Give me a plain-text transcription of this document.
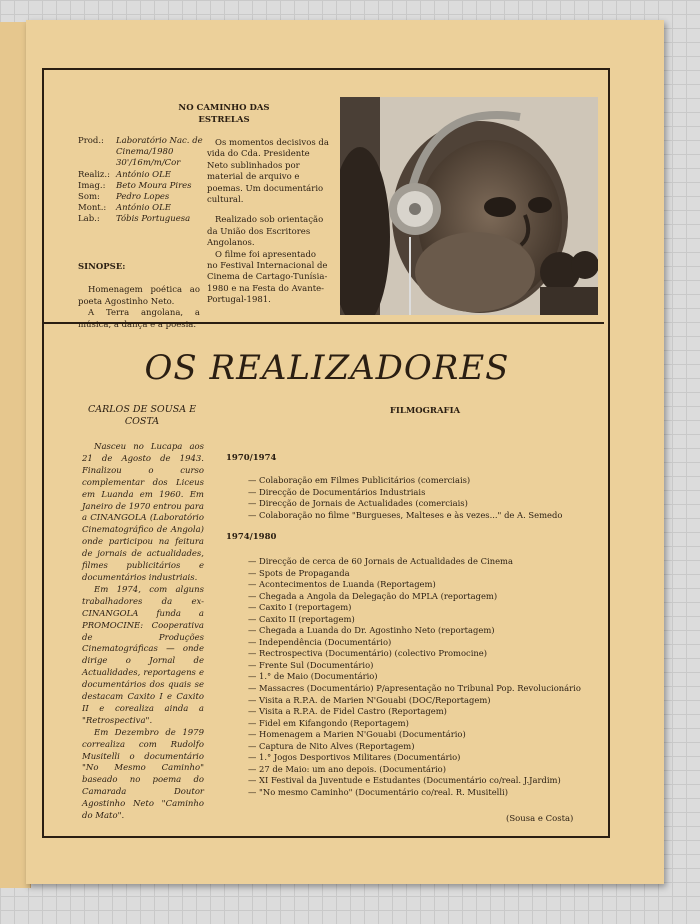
NO CAMINHO DAS ESTRELAS
Prod.:	Laboratório Nac. de Cinema/1980 30'/16m/m/Cor
Realiz.: António OLE
Imag.:	Beto Moura Pires
Som:	Pedro Lopes
Mont.:	António OLE
Lab.:	Tóbis Portuguesa
SINOPSE:
Homenagem poética ao poeta Agostinho Neto.
A Terra angolana, a música, a dança e a poesia.

Os momentos decisivos da vida do Cda. Presidente Neto sublinhados por material de arquivo e poemas. Um documentário cultural.

Realizado sob orientação da União dos Escritores Angolanos.

O filme foi apresentado no Festival Internacional de Cinema de Cartago-Tunísia-1980 e na Festa do Avante-Portugal-1981.

OS REALIZADORES
CARLOS DE SOUSA E COSTA

Nasceu no Lucapa aos 21 de Agosto de 1943. Finalizou o curso complementar dos Liceus em Luanda em 1960. Em Janeiro de 1970 entrou para a CINANGOLA (Laboratório Cinematográfico de Angola) onde participou na feitura de jornais de actualidades, filmes publicitários e documentários industriais.

Em 1974, com alguns trabalhadores da ex-CINANGOLA funda a PROMOCINE: Cooperativa de Produções Cinematográficas — onde dirige o Jornal de Actualidades, reportagens e documentários dos quais se destacam Caxito I e Caxito II e corealiza ainda a "Retrospectiva".

Em Dezembro de 1979 correaliza com Rudolfo Musitelli o documentário "No Mesmo Caminho" baseado no poema do Camarada Doutor Agostinho Neto "Caminho do Mato".

FILMOGRAFIA
1970/1974
— Colaboração em Filmes Publicitários (comerciais)
— Direcção de Documentários Industriais
— Direcção de Jornais de Actualidades (comerciais)
— Colaboração no filme "Burgueses, Malteses e às vezes..." de A. Semedo
1974/1980
— Direcção de cerca de 60 Jornais de Actualidades de Cinema
— Spots de Propaganda
— Acontecimentos de Luanda (Reportagem)
— Chegada a Angola da Delegação do MPLA (reportagem)
— Caxito I (reportagem)
— Caxito II (reportagem)
— Chegada a Luanda do Dr. Agostinho Neto (reportagem)
— Independência (Documentário)
— Rectrospectiva (Documentário) (colectivo Promocine)
— Frente Sul (Documentário)
— 1.° de Maio (Documentário)
— Massacres (Documentário) P/apresentação no Tribunal Pop. Revolucionário
— Visita a R.P.A. de Marien N'Gouabi (DOC/Reportagem)
— Visita a R.P.A. de Fidel Castro (Reportagem)
— Fidel em Kifangondo (Reportagem)
— Homenagem a Marien N'Gouabi (Documentário)
— Captura de Nito Alves (Reportagem)
— 1.° Jogos Desportivos Militares (Documentário)
— 27 de Maio: um ano depois. (Documentário)
— XI Festival da Juventude e Estudantes (Documentário co/real. J.Jardim)
— "No mesmo Caminho" (Documentário co/real. R. Musitelli)
(Sousa e Costa)
